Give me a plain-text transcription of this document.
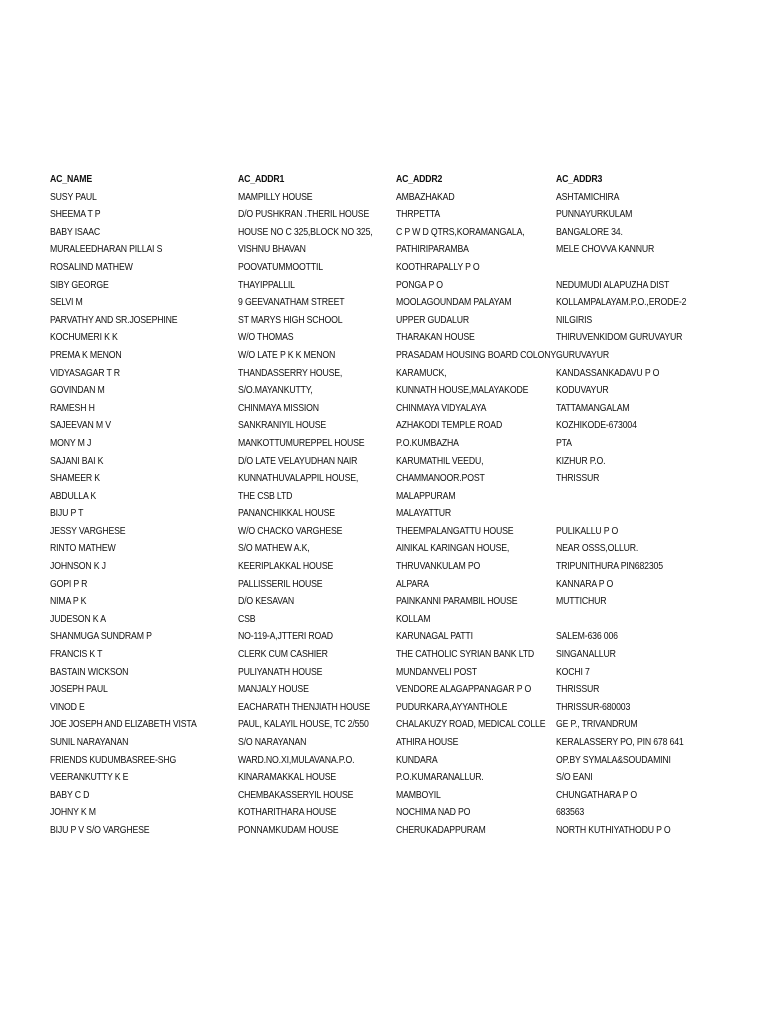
AC_NAME	AC_ADDR1	AC_ADDR2	AC_ADDR3
SUSY PAUL	MAMPILLY HOUSE	AMBAZHAKAD	ASHTAMICHIRA
SHEEMA T P	D/O PUSHKRAN .THERIL HOUSE	THRPETTA	PUNNAYURKULAM
BABY ISAAC	HOUSE NO C 325,BLOCK NO 325,	C P W D QTRS,KORAMANGALA,	BANGALORE 34.
MURALEEDHARAN PILLAI S	VISHNU BHAVAN	PATHIRIPARAMBA	MELE CHOVVA KANNUR
ROSALIND MATHEW	POOVATUMMOOTTIL	KOOTHRAPALLY P O	
SIBY GEORGE	THAYIPPALLIL	PONGA P O	NEDUMUDI ALAPUZHA DIST
SELVI M	9 GEEVANATHAM STREET	MOOLAGOUNDAM PALAYAM	KOLLAMPALAYAM.P.O.,ERODE-2
PARVATHY AND SR.JOSEPHINE	ST MARYS HIGH SCHOOL	UPPER GUDALUR	NILGIRIS
KOCHUMERI K K	W/O THOMAS	THARAKAN HOUSE	THIRUVENKIDOM GURUVAYUR
PREMA K MENON	W/O LATE P K K MENON	PRASADAM HOUSING BOARD COLONY	GURUVAYUR
VIDYASAGAR T R	THANDASSERRY HOUSE,	KARAMUCK,	KANDASSANKADAVU P O
GOVINDAN M	S/O.MAYANKUTTY,	KUNNATH HOUSE,MALAYAKODE	KODUVAYUR
RAMESH H	CHINMAYA MISSION	CHINMAYA VIDYALAYA	TATTAMANGALAM
SAJEEVAN M V	SANKRANIYIL HOUSE	AZHAKODI TEMPLE ROAD	KOZHIKODE-673004
MONY M J	MANKOTTUMUREPPEL HOUSE	P.O.KUMBAZHA	PTA
SAJANI BAI K	D/O LATE VELAYUDHAN NAIR	KARUMATHIL VEEDU,	KIZHUR P.O.
SHAMEER K	KUNNATHUVALAPPIL HOUSE,	CHAMMANOOR.POST	THRISSUR
ABDULLA K	THE CSB LTD	MALAPPURAM	
BIJU P T	PANANCHIKKAL HOUSE	MALAYATTUR	
JESSY VARGHESE	W/O CHACKO VARGHESE	THEEMPALANGATTU HOUSE	PULIKALLU P O
RINTO MATHEW	S/O MATHEW A.K,	AINIKAL KARINGAN HOUSE,	NEAR OSSS,OLLUR.
JOHNSON K J	KEERIPLAKKAL HOUSE	THRUVANKULAM PO	TRIPUNITHURA PIN682305
GOPI P R	PALLISSERIL HOUSE	ALPARA	KANNARA P O
NIMA P K	D/O KESAVAN	PAINKANNI PARAMBIL HOUSE	MUTTICHUR
JUDESON K A	CSB	KOLLAM	
SHANMUGA SUNDRAM P	NO-119-A,JTTERI ROAD	KARUNAGAL PATTI	SALEM-636 006
FRANCIS K T	CLERK CUM CASHIER	THE CATHOLIC SYRIAN BANK LTD	SINGANALLUR
BASTAIN WICKSON	PULIYANATH HOUSE	MUNDANVELI POST	KOCHI 7
JOSEPH PAUL	MANJALY HOUSE	VENDORE ALAGAPPANAGAR P O	THRISSUR
VINOD E	EACHARATH THENJIATH HOUSE	PUDURKARA,AYYANTHOLE	THRISSUR-680003
JOE JOSEPH AND ELIZABETH VISTA	PAUL, KALAYIL HOUSE, TC 2/550	CHALAKUZY ROAD, MEDICAL COLLE	GE P., TRIVANDRUM
SUNIL NARAYANAN	S/O NARAYANAN	ATHIRA HOUSE	KERALASSERY PO, PIN 678 641
FRIENDS KUDUMBASREE-SHG	WARD.NO.XI,MULAVANA.P.O.	KUNDARA	OP.BY SYMALA&SOUDAMINI
VEERANKUTTY K E	KINARAMAKKAL HOUSE	P.O.KUMARANALLUR.	S/O EANI
BABY C D	CHEMBAKASSERYIL HOUSE	MAMBOYIL	CHUNGATHARA P O
JOHNY K M	KOTHARITHARA HOUSE	NOCHIMA NAD PO	683563
BIJU P V S/O VARGHESE	PONNAMKUDAM HOUSE	CHERUKADAPPURAM	NORTH KUTHIYATHODU P O
